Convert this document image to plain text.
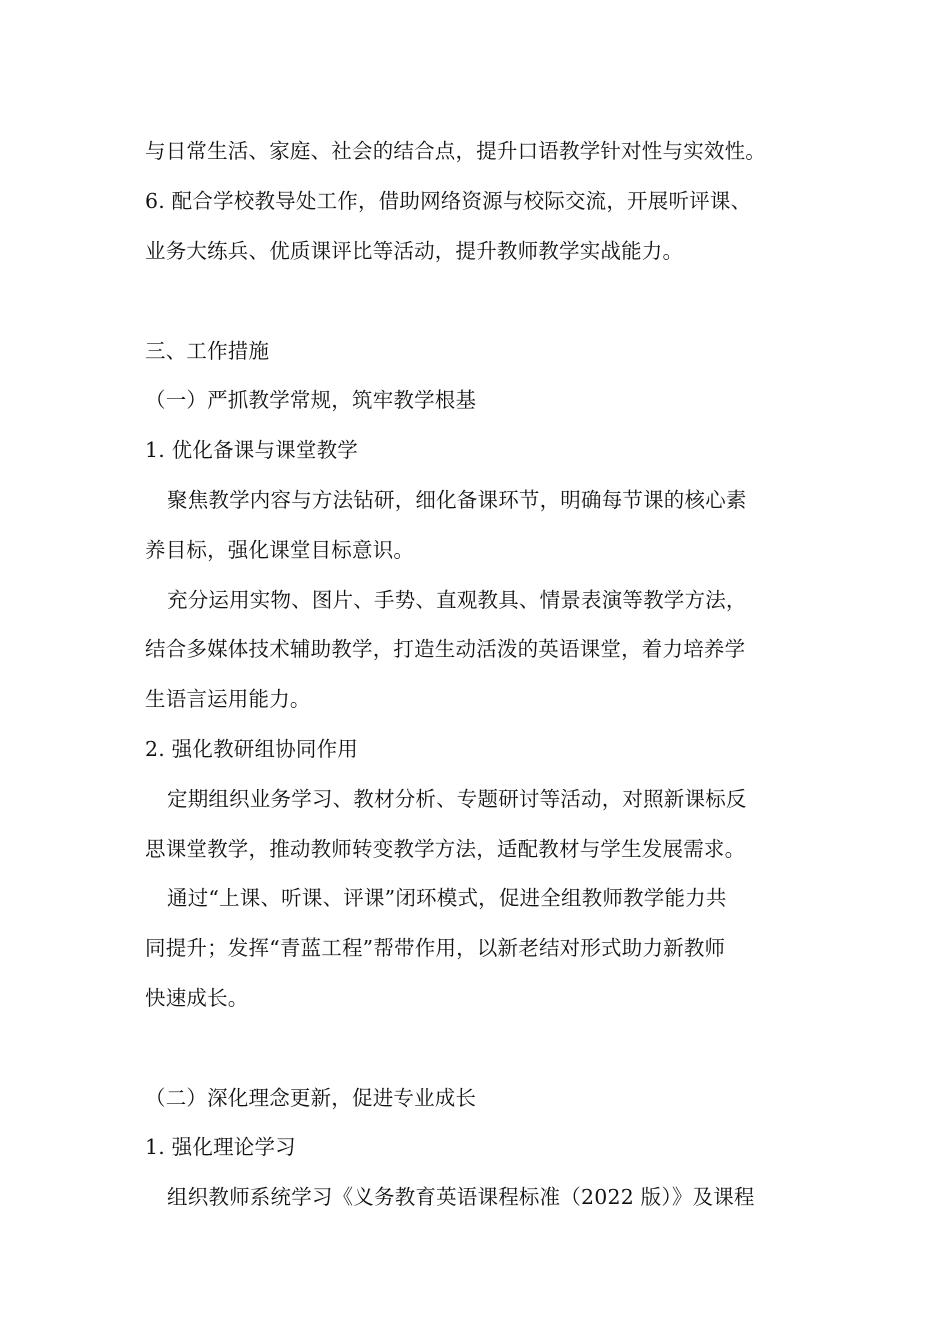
与日常生活、家庭、社会的结合点，提升口语教学针对性与实效性。
6. 配合学校教导处工作，借助网络资源与校际交流，开展听评课、
业务大练兵、优质课评比等活动，提升教师教学实战能力。
三、工作措施
（一）严抓教学常规，筑牢教学根基
1. 优化备课与课堂教学
聚焦教学内容与方法钻研，细化备课环节，明确每节课的核心素
养目标，强化课堂目标意识。
充分运用实物、图片、手势、直观教具、情景表演等教学方法，
结合多媒体技术辅助教学，打造生动活泼的英语课堂，着力培养学
生语言运用能力。
2. 强化教研组协同作用
定期组织业务学习、教材分析、专题研讨等活动，对照新课标反
思课堂教学，推动教师转变教学方法，适配教材与学生发展需求。
通过“上课、听课、评课”闭环模式，促进全组教师教学能力共
同提升；发挥“青蓝工程”帮带作用，以新老结对形式助力新教师
快速成长。
（二）深化理念更新，促进专业成长
1. 强化理论学习
组织教师系统学习《义务教育英语课程标准（2022 版）》及课程
